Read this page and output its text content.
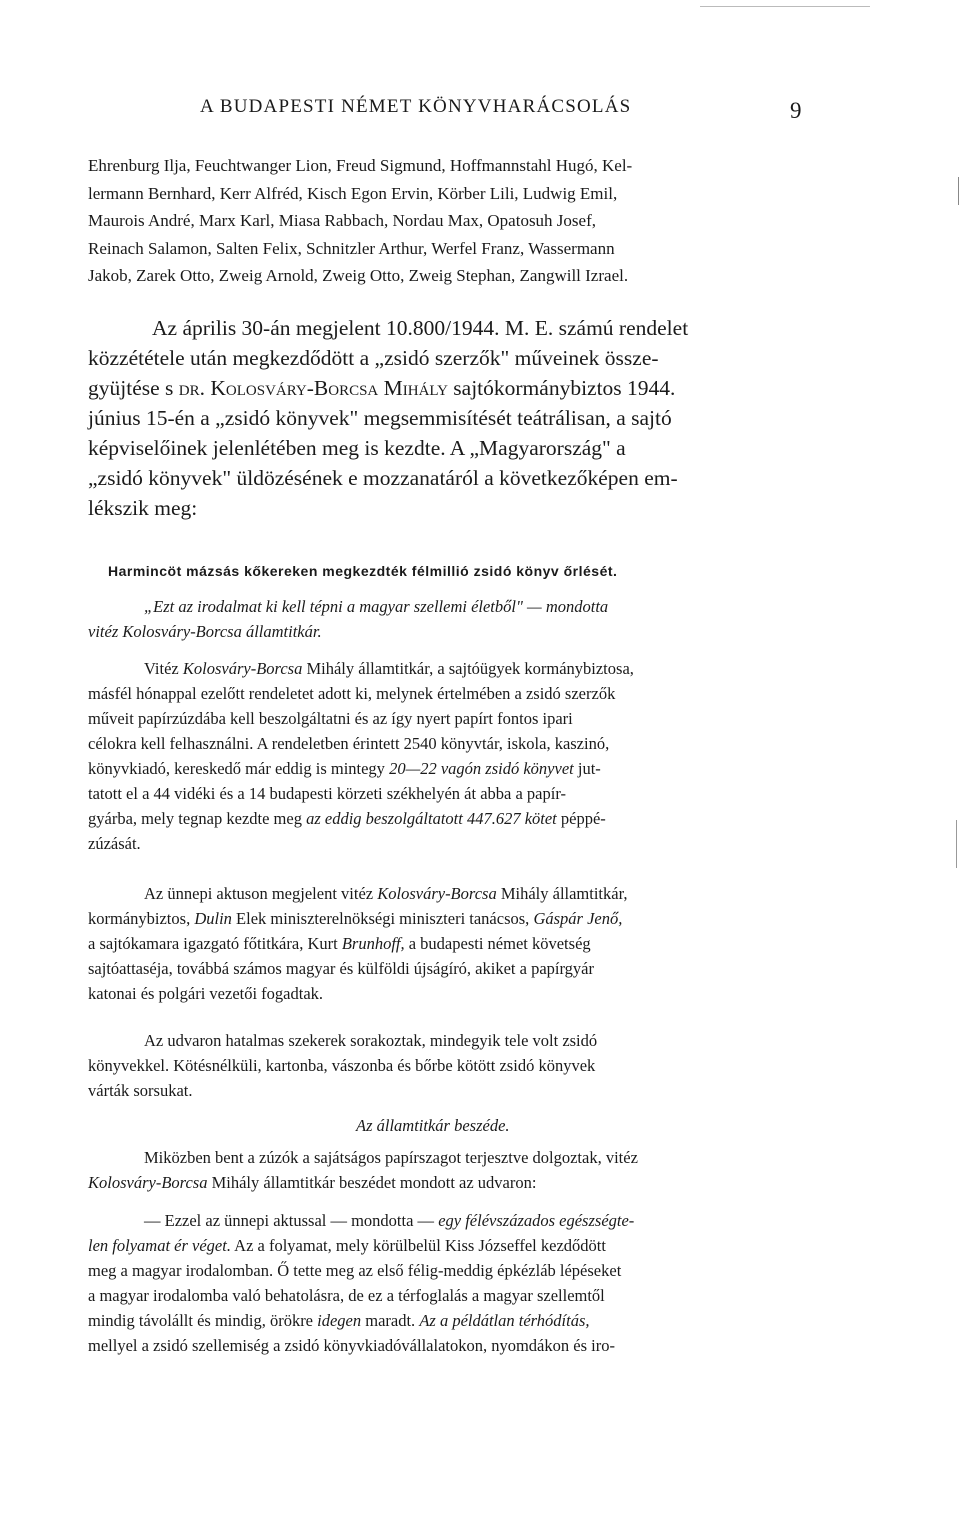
A BUDAPESTI NÉMET KÖNYVHARÁCSOLÁS	9
Ehrenburg Ilja, Feuchtwanger Lion, Freud Sigmund, Hoffmannstahl Hugó, Kel-
lermann Bernhard, Kerr Alfréd, Kisch Egon Ervin, Körber Lili, Ludwig Emil,
Maurois André, Marx Karl, Miasa Rabbach, Nordau Max, Opatosuh Josef,
Reinach Salamon, Salten Felix, Schnitzler Arthur, Werfel Franz, Wassermann
Jakob, Zarek Otto, Zweig Arnold, Zweig Otto, Zweig Stephan, Zangwill Izrael.
Az április 30-án megjelent 10.800/1944. M. E. számú rendelet
közzététele után megkezdődött a „zsidó szerzők" műveinek össze-
gyüjtése s dr. Kolosváry-Borcsa Mihály sajtókormánybiztos 1944.
június 15-én a „zsidó könyvek" megsemmisítését teátrálisan, a sajtó
képviselőinek jelenlétében meg is kezdte. A „Magyarország" a
„zsidó könyvek" üldözésének e mozzanatáról a következőképen em-
lékszik meg:
Harmincöt mázsás kőkereken megkezdték félmillió zsidó könyv őrlését.
„Ezt az irodalmat ki kell tépni a magyar szellemi életből" — mondotta
vitéz Kolosváry-Borcsa államtitkár.
Vitéz Kolosváry-Borcsa Mihály államtitkár, a sajtóügyek kormánybiztosa,
másfél hónappal ezelőtt rendeletet adott ki, melynek értelmében a zsidó szerzők
műveit papírzúzdába kell beszolgáltatni és az így nyert papírt fontos ipari
célokra kell felhasználni. A rendeletben érintett 2540 könyvtár, iskola, kaszinó,
könyvkiadó, kereskedő már eddig is mintegy 20—22 vagón zsidó könyvet jut-
tatott el a 44 vidéki és a 14 budapesti körzeti székhelyén át abba a papír-
gyárba, mely tegnap kezdte meg az eddig beszolgáltatott 447.627 kötet péppé-
zúzását.
Az ünnepi aktuson megjelent vitéz Kolosváry-Borcsa Mihály államtitkár,
kormánybiztos, Dulin Elek miniszterelnökségi miniszteri tanácsos, Gáspár Jenő,
a sajtókamara igazgató főtitkára, Kurt Brunhoff, a budapesti német követség
sajtóattaséja, továbbá számos magyar és külföldi újságíró, akiket a papírgyár
katonai és polgári vezetői fogadtak.
Az udvaron hatalmas szekerek sorakoztak, mindegyik tele volt zsidó
könyvekkel. Kötésnélküli, kartonba, vászonba és bőrbe kötött zsidó könyvek
várták sorsukat.
Az államtitkár beszéde.
Miközben bent a zúzók a sajátságos papírszagot terjesztve dolgoztak, vitéz
Kolosváry-Borcsa Mihály államtitkár beszédet mondott az udvaron:
— Ezzel az ünnepi aktussal — mondotta — egy félévszázados egészségte-
len folyamat ér véget. Az a folyamat, mely körülbelül Kiss Józseffel kezdődött
meg a magyar irodalomban. Ő tette meg az első félig-meddig épkézláb lépéseket
a magyar irodalomba való behatolásra, de ez a térfoglalás a magyar szellemtől
mindig távolállt és mindig, örökre idegen maradt. Az a példátlan térhódítás,
mellyel a zsidó szellemiség a zsidó könyvkiadóvállalatokon, nyomdákon és iro-
